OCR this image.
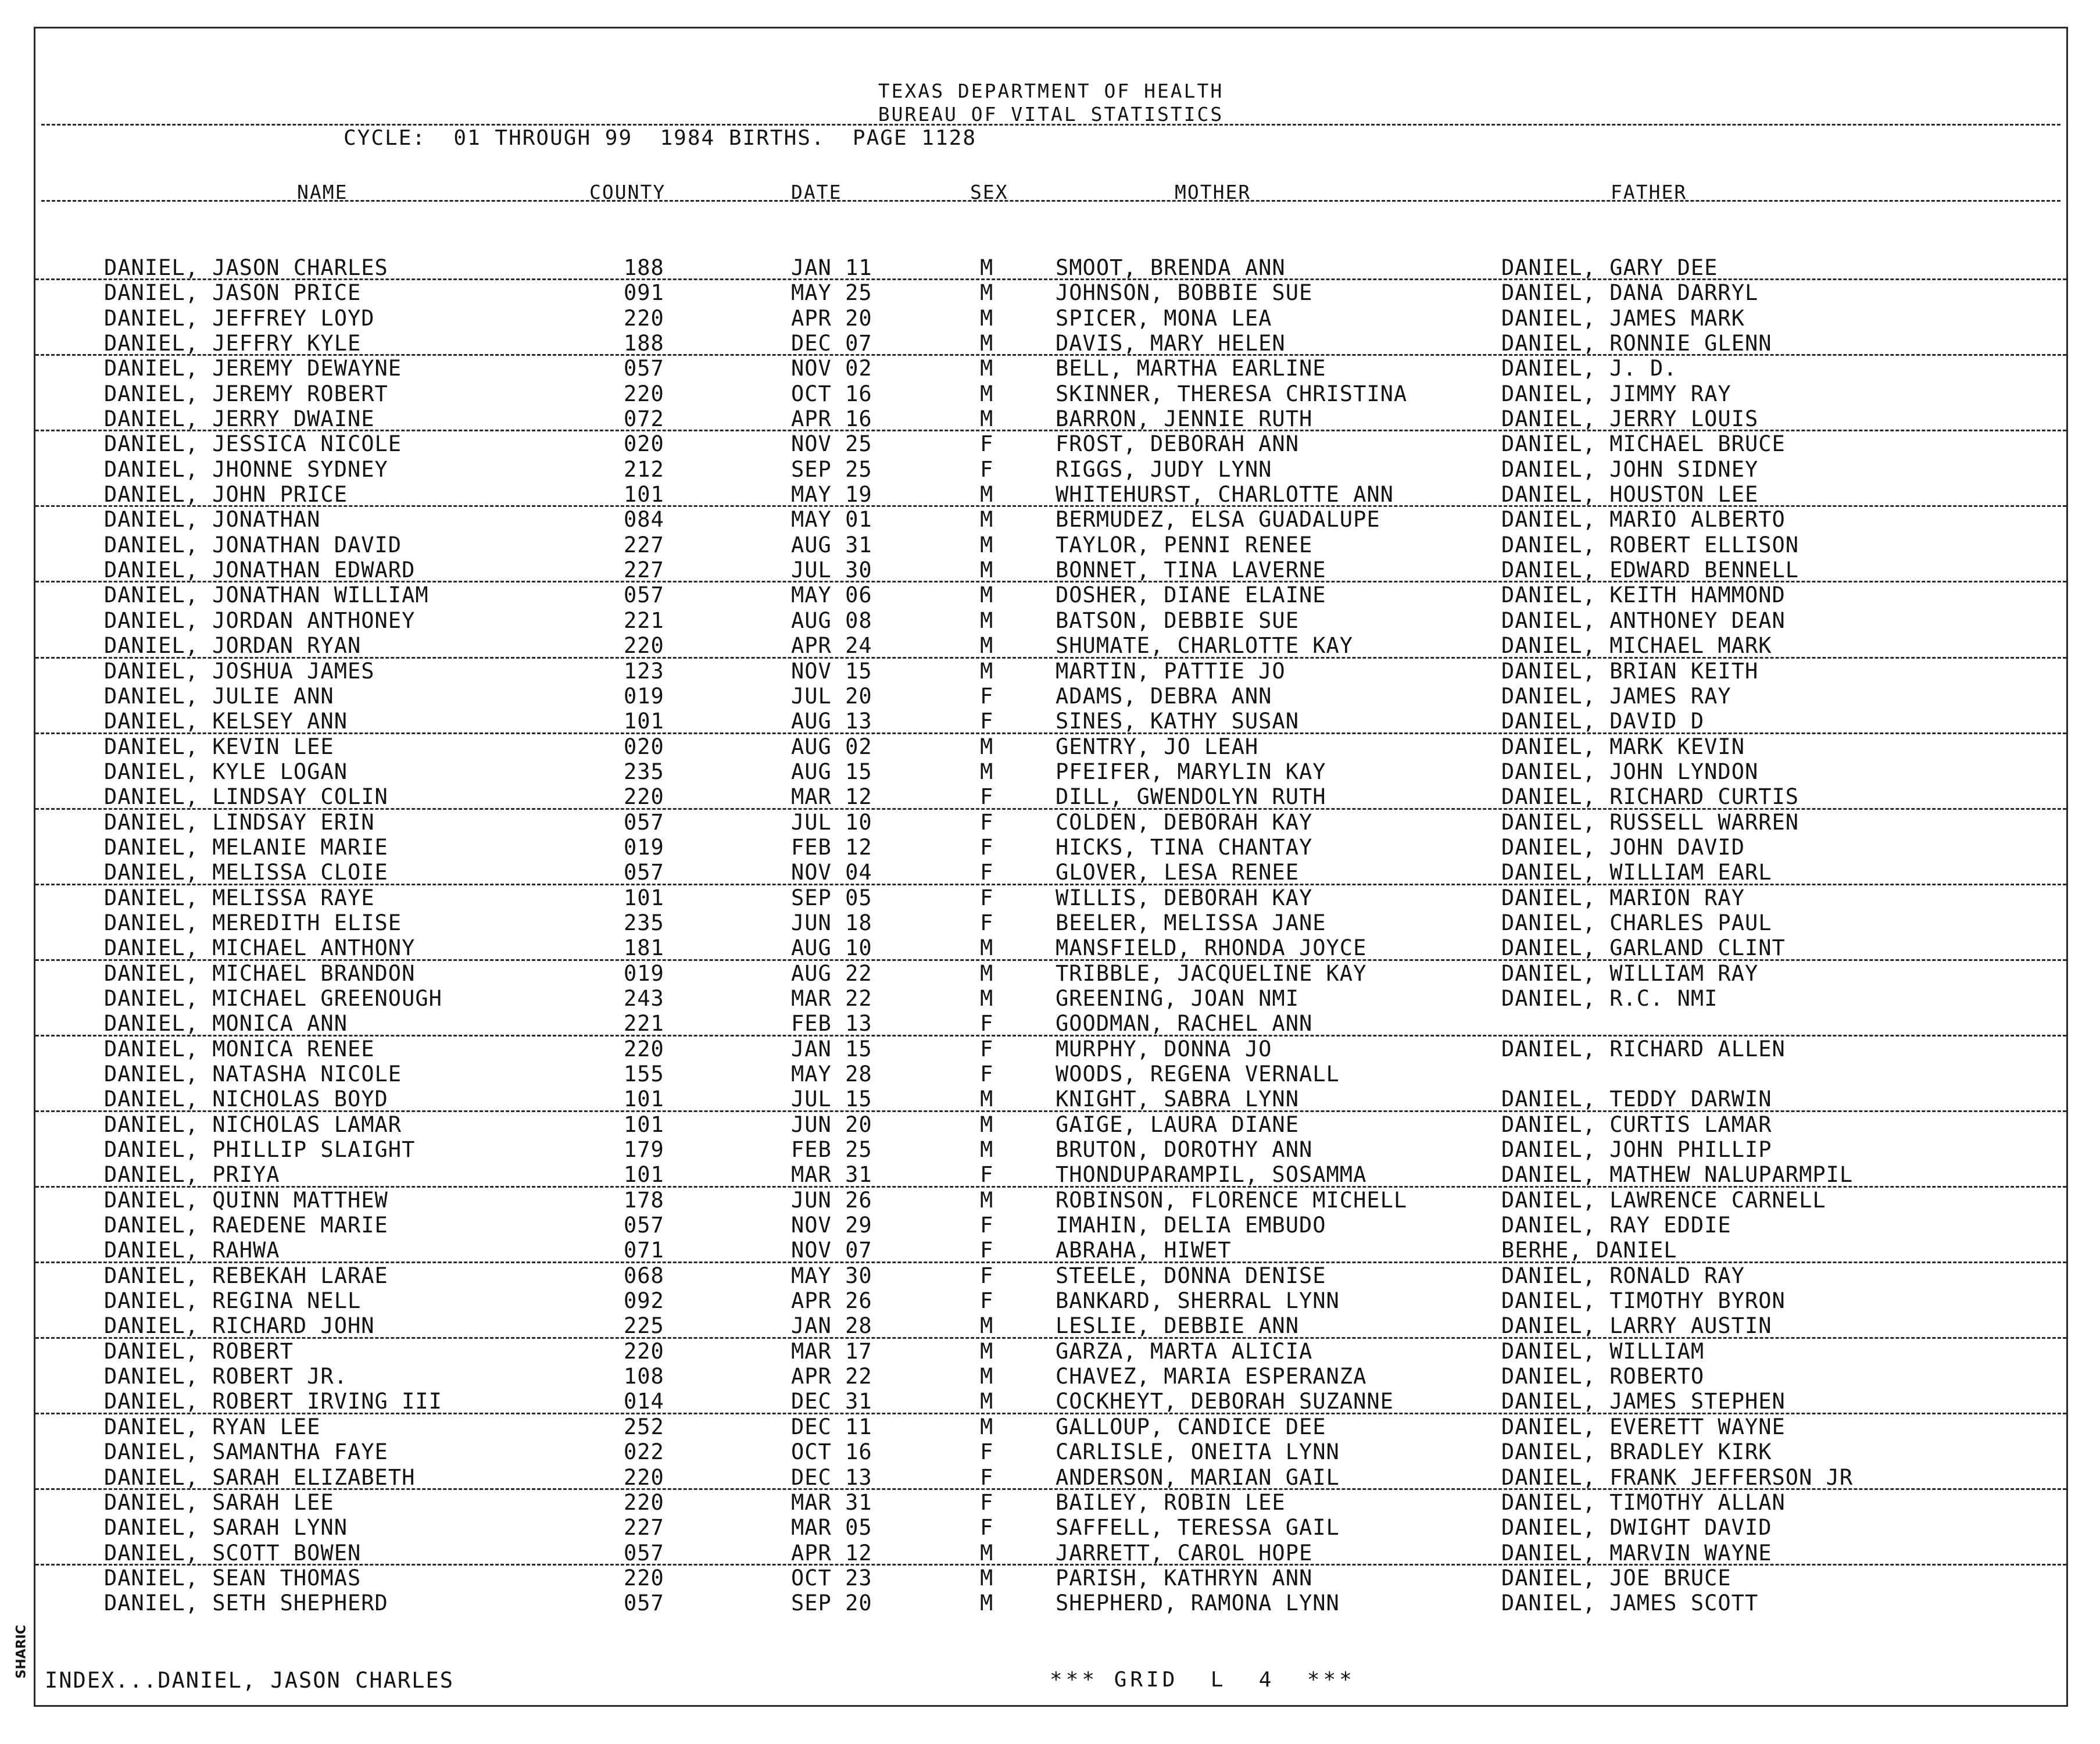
TEXAS DEPARTMENT OF HEALTH
BUREAU OF VITAL STATISTICS
CYCLE:  01 THROUGH 99  1984 BIRTHS.  PAGE 1128
NAME	COUNTY	DATE	SEX	MOTHER	FATHER
DANIEL, JASON CHARLES	188	JAN 11	M	SMOOT, BRENDA ANN	DANIEL, GARY DEE
DANIEL, JASON PRICE	091	MAY 25	M	JOHNSON, BOBBIE SUE	DANIEL, DANA DARRYL
DANIEL, JEFFREY LOYD	220	APR 20	M	SPICER, MONA LEA	DANIEL, JAMES MARK
DANIEL, JEFFRY KYLE	188	DEC 07	M	DAVIS, MARY HELEN	DANIEL, RONNIE GLENN
DANIEL, JEREMY DEWAYNE	057	NOV 02	M	BELL, MARTHA EARLINE	DANIEL, J. D.
DANIEL, JEREMY ROBERT	220	OCT 16	M	SKINNER, THERESA CHRISTINA	DANIEL, JIMMY RAY
DANIEL, JERRY DWAINE	072	APR 16	M	BARRON, JENNIE RUTH	DANIEL, JERRY LOUIS
DANIEL, JESSICA NICOLE	020	NOV 25	F	FROST, DEBORAH ANN	DANIEL, MICHAEL BRUCE
DANIEL, JHONNE SYDNEY	212	SEP 25	F	RIGGS, JUDY LYNN	DANIEL, JOHN SIDNEY
DANIEL, JOHN PRICE	101	MAY 19	M	WHITEHURST, CHARLOTTE ANN	DANIEL, HOUSTON LEE
DANIEL, JONATHAN	084	MAY 01	M	BERMUDEZ, ELSA GUADALUPE	DANIEL, MARIO ALBERTO
DANIEL, JONATHAN DAVID	227	AUG 31	M	TAYLOR, PENNI RENEE	DANIEL, ROBERT ELLISON
DANIEL, JONATHAN EDWARD	227	JUL 30	M	BONNET, TINA LAVERNE	DANIEL, EDWARD BENNELL
DANIEL, JONATHAN WILLIAM	057	MAY 06	M	DOSHER, DIANE ELAINE	DANIEL, KEITH HAMMOND
DANIEL, JORDAN ANTHONEY	221	AUG 08	M	BATSON, DEBBIE SUE	DANIEL, ANTHONEY DEAN
DANIEL, JORDAN RYAN	220	APR 24	M	SHUMATE, CHARLOTTE KAY	DANIEL, MICHAEL MARK
DANIEL, JOSHUA JAMES	123	NOV 15	M	MARTIN, PATTIE JO	DANIEL, BRIAN KEITH
DANIEL, JULIE ANN	019	JUL 20	F	ADAMS, DEBRA ANN	DANIEL, JAMES RAY
DANIEL, KELSEY ANN	101	AUG 13	F	SINES, KATHY SUSAN	DANIEL, DAVID D
DANIEL, KEVIN LEE	020	AUG 02	M	GENTRY, JO LEAH	DANIEL, MARK KEVIN
DANIEL, KYLE LOGAN	235	AUG 15	M	PFEIFER, MARYLIN KAY	DANIEL, JOHN LYNDON
DANIEL, LINDSAY COLIN	220	MAR 12	F	DILL, GWENDOLYN RUTH	DANIEL, RICHARD CURTIS
DANIEL, LINDSAY ERIN	057	JUL 10	F	COLDEN, DEBORAH KAY	DANIEL, RUSSELL WARREN
DANIEL, MELANIE MARIE	019	FEB 12	F	HICKS, TINA CHANTAY	DANIEL, JOHN DAVID
DANIEL, MELISSA CLOIE	057	NOV 04	F	GLOVER, LESA RENEE	DANIEL, WILLIAM EARL
DANIEL, MELISSA RAYE	101	SEP 05	F	WILLIS, DEBORAH KAY	DANIEL, MARION RAY
DANIEL, MEREDITH ELISE	235	JUN 18	F	BEELER, MELISSA JANE	DANIEL, CHARLES PAUL
DANIEL, MICHAEL ANTHONY	181	AUG 10	M	MANSFIELD, RHONDA JOYCE	DANIEL, GARLAND CLINT
DANIEL, MICHAEL BRANDON	019	AUG 22	M	TRIBBLE, JACQUELINE KAY	DANIEL, WILLIAM RAY
DANIEL, MICHAEL GREENOUGH	243	MAR 22	M	GREENING, JOAN NMI	DANIEL, R.C. NMI
DANIEL, MONICA ANN	221	FEB 13	F	GOODMAN, RACHEL ANN
DANIEL, MONICA RENEE	220	JAN 15	F	MURPHY, DONNA JO	DANIEL, RICHARD ALLEN
DANIEL, NATASHA NICOLE	155	MAY 28	F	WOODS, REGENA VERNALL
DANIEL, NICHOLAS BOYD	101	JUL 15	M	KNIGHT, SABRA LYNN	DANIEL, TEDDY DARWIN
DANIEL, NICHOLAS LAMAR	101	JUN 20	M	GAIGE, LAURA DIANE	DANIEL, CURTIS LAMAR
DANIEL, PHILLIP SLAIGHT	179	FEB 25	M	BRUTON, DOROTHY ANN	DANIEL, JOHN PHILLIP
DANIEL, PRIYA	101	MAR 31	F	THONDUPARAMPIL, SOSAMMA	DANIEL, MATHEW NALUPARMPIL
DANIEL, QUINN MATTHEW	178	JUN 26	M	ROBINSON, FLORENCE MICHELL	DANIEL, LAWRENCE CARNELL
DANIEL, RAEDENE MARIE	057	NOV 29	F	IMAHIN, DELIA EMBUDO	DANIEL, RAY EDDIE
DANIEL, RAHWA	071	NOV 07	F	ABRAHA, HIWET	BERHE, DANIEL
DANIEL, REBEKAH LARAE	068	MAY 30	F	STEELE, DONNA DENISE	DANIEL, RONALD RAY
DANIEL, REGINA NELL	092	APR 26	F	BANKARD, SHERRAL LYNN	DANIEL, TIMOTHY BYRON
DANIEL, RICHARD JOHN	225	JAN 28	M	LESLIE, DEBBIE ANN	DANIEL, LARRY AUSTIN
DANIEL, ROBERT	220	MAR 17	M	GARZA, MARTA ALICIA	DANIEL, WILLIAM
DANIEL, ROBERT JR.	108	APR 22	M	CHAVEZ, MARIA ESPERANZA	DANIEL, ROBERTO
DANIEL, ROBERT IRVING III	014	DEC 31	M	COCKHEYT, DEBORAH SUZANNE	DANIEL, JAMES STEPHEN
DANIEL, RYAN LEE	252	DEC 11	M	GALLOUP, CANDICE DEE	DANIEL, EVERETT WAYNE
DANIEL, SAMANTHA FAYE	022	OCT 16	F	CARLISLE, ONEITA LYNN	DANIEL, BRADLEY KIRK
DANIEL, SARAH ELIZABETH	220	DEC 13	F	ANDERSON, MARIAN GAIL	DANIEL, FRANK JEFFERSON JR
DANIEL, SARAH LEE	220	MAR 31	F	BAILEY, ROBIN LEE	DANIEL, TIMOTHY ALLAN
DANIEL, SARAH LYNN	227	MAR 05	F	SAFFELL, TERESSA GAIL	DANIEL, DWIGHT DAVID
DANIEL, SCOTT BOWEN	057	APR 12	M	JARRETT, CAROL HOPE	DANIEL, MARVIN WAYNE
DANIEL, SEAN THOMAS	220	OCT 23	M	PARISH, KATHRYN ANN	DANIEL, JOE BRUCE
DANIEL, SETH SHEPHERD	057	SEP 20	M	SHEPHERD, RAMONA LYNN	DANIEL, JAMES SCOTT
INDEX...DANIEL, JASON CHARLES	*** GRID  L  4  ***
SHARIC
